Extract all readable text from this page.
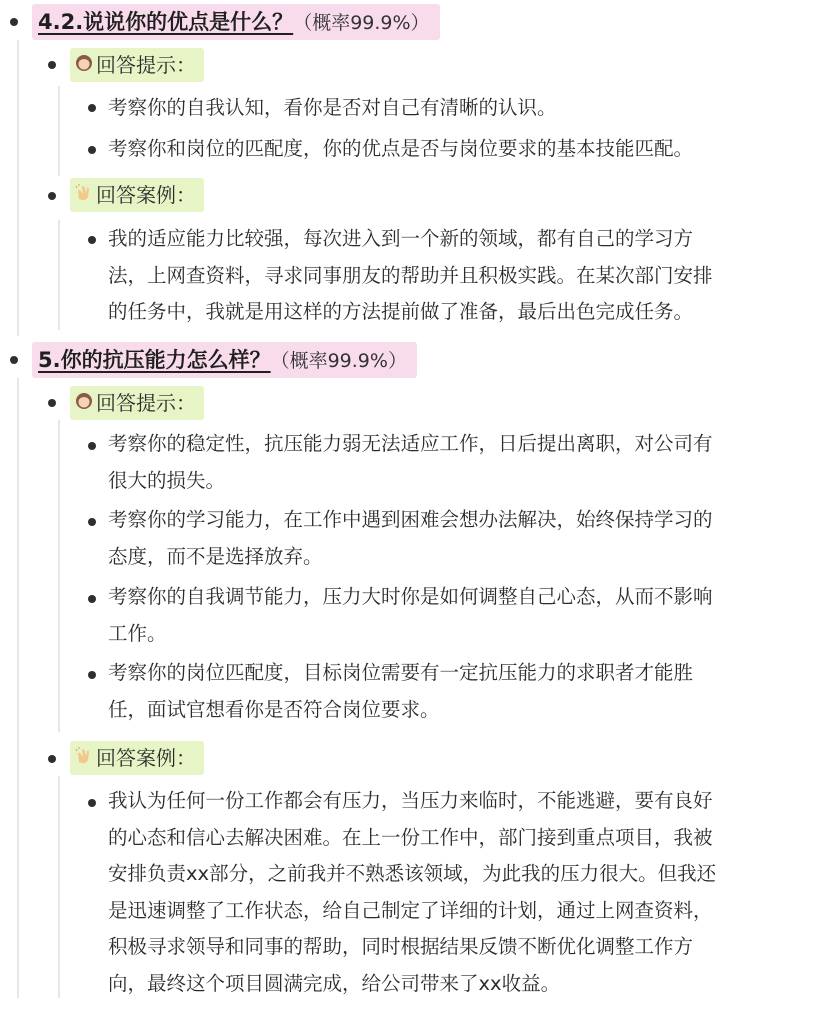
4.2.说说你的优点是什么？（概率99.9%）
回答提示：
考察你的自我认知，看你是否对自己有清晰的认识。
考察你和岗位的匹配度，你的优点是否与岗位要求的基本技能匹配。
回答案例：
我的适应能力比较强，每次进入到一个新的领域，都有自己的学习方
法，上网查资料，寻求同事朋友的帮助并且积极实践。在某次部门安排
的任务中，我就是用这样的方法提前做了准备，最后出色完成任务。
5.你的抗压能力怎么样？（概率99.9%）
回答提示：
考察你的稳定性，抗压能力弱无法适应工作，日后提出离职，对公司有
很大的损失。
考察你的学习能力，在工作中遇到困难会想办法解决，始终保持学习的
态度，而不是选择放弃。
考察你的自我调节能力，压力大时你是如何调整自己心态，从而不影响
工作。
考察你的岗位匹配度，目标岗位需要有一定抗压能力的求职者才能胜
任，面试官想看你是否符合岗位要求。
回答案例：
我认为任何一份工作都会有压力，当压力来临时，不能逃避，要有良好
的心态和信心去解决困难。在上一份工作中，部门接到重点项目，我被
安排负责xx部分，之前我并不熟悉该领域，为此我的压力很大。但我还
是迅速调整了工作状态，给自己制定了详细的计划，通过上网查资料，
积极寻求领导和同事的帮助，同时根据结果反馈不断优化调整工作方
向，最终这个项目圆满完成，给公司带来了xx收益。
